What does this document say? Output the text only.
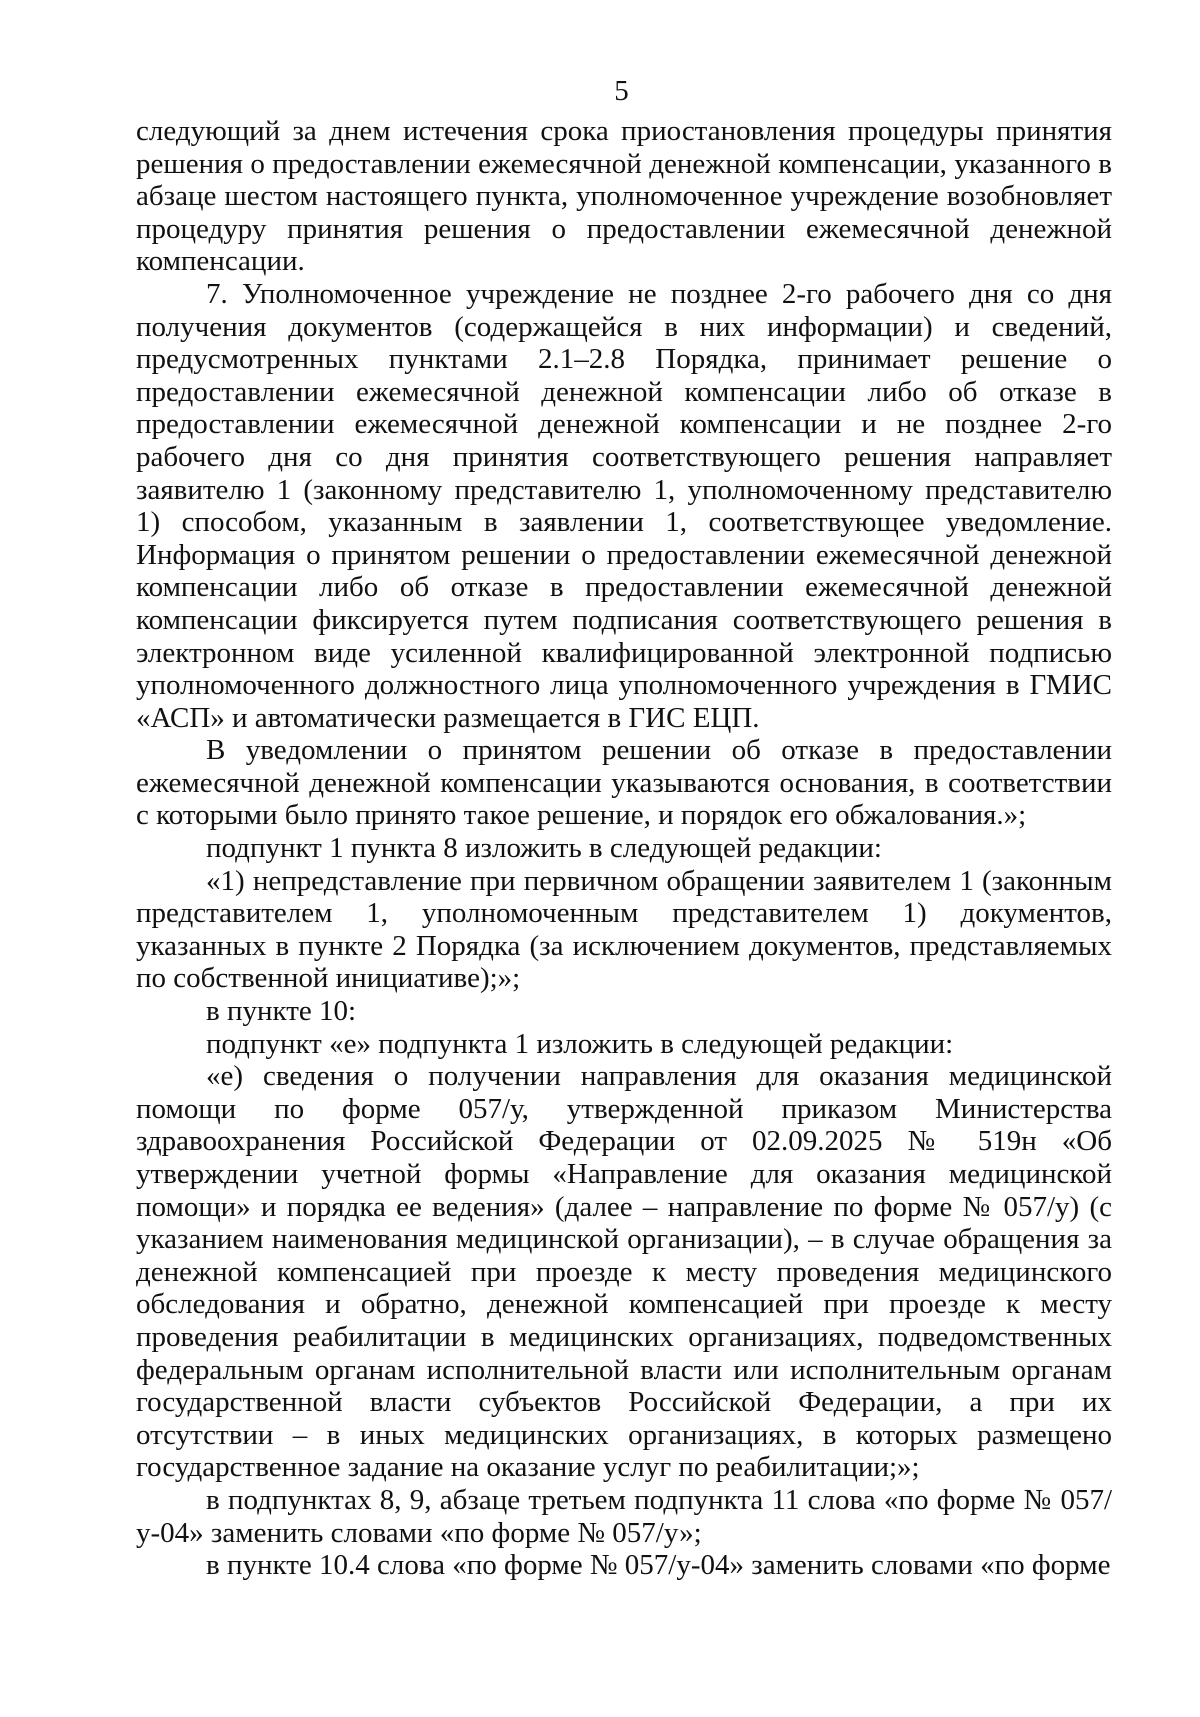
5

следующий за днем истечения срока приостановления процедуры принятия решения о предоставлении ежемесячной денежной компенсации, указанного в абзаце шестом настоящего пункта, уполномоченное учреждение возобновляет процедуру принятия решения о предоставлении ежемесячной денежной компенсации.

7. Уполномоченное учреждение не позднее 2-го рабочего дня со дня получения документов (содержащейся в них информации) и сведений, предусмотренных пунктами 2.1–2.8 Порядка, принимает решение о предоставлении ежемесячной денежной компенсации либо об отказе в предоставлении ежемесячной денежной компенсации и не позднее 2-го рабочего дня со дня принятия соответствующего решения направляет заявителю 1 (законному представителю 1, уполномоченному представителю 1) способом, указанным в заявлении 1, соответствующее уведомление. Информация о принятом решении о предоставлении ежемесячной денежной компенсации либо об отказе в предоставлении ежемесячной денежной компенсации фиксируется путем подписания соответствующего решения в электронном виде усиленной квалифицированной электронной подписью уполномоченного должностного лица уполномоченного учреждения в ГМИС «АСП» и автоматически размещается в ГИС ЕЦП.

В уведомлении о принятом решении об отказе в предоставлении ежемесячной денежной компенсации указываются основания, в соответствии с которыми было принято такое решение, и порядок его обжалования.»;

подпункт 1 пункта 8 изложить в следующей редакции:

«1) непредставление при первичном обращении заявителем 1 (законным представителем 1, уполномоченным представителем 1) документов, указанных в пункте 2 Порядка (за исключением документов, представляемых по собственной инициативе);»;

в пункте 10:

подпункт «е» подпункта 1 изложить в следующей редакции:

«е) сведения о получении направления для оказания медицинской помощи по форме 057/у, утвержденной приказом Министерства здравоохранения Российской Федерации от 02.09.2025 № 519н «Об утверждении учетной формы «Направление для оказания медицинской помощи» и порядка ее ведения» (далее – направление по форме № 057/у) (с указанием наименования медицинской организации), – в случае обращения за денежной компенсацией при проезде к месту проведения медицинского обследования и обратно, денежной компенсацией при проезде к месту проведения реабилитации в медицинских организациях, подведомственных федеральным органам исполнительной власти или исполнительным органам государственной власти субъектов Российской Федерации, а при их отсутствии – в иных медицинских организациях, в которых размещено государственное задание на оказание услуг по реабилитации;»;

в подпунктах 8, 9, абзаце третьем подпункта 11 слова «по форме № 057/у-04» заменить словами «по форме № 057/у»;

в пункте 10.4 слова «по форме № 057/у-04» заменить словами «по форме
